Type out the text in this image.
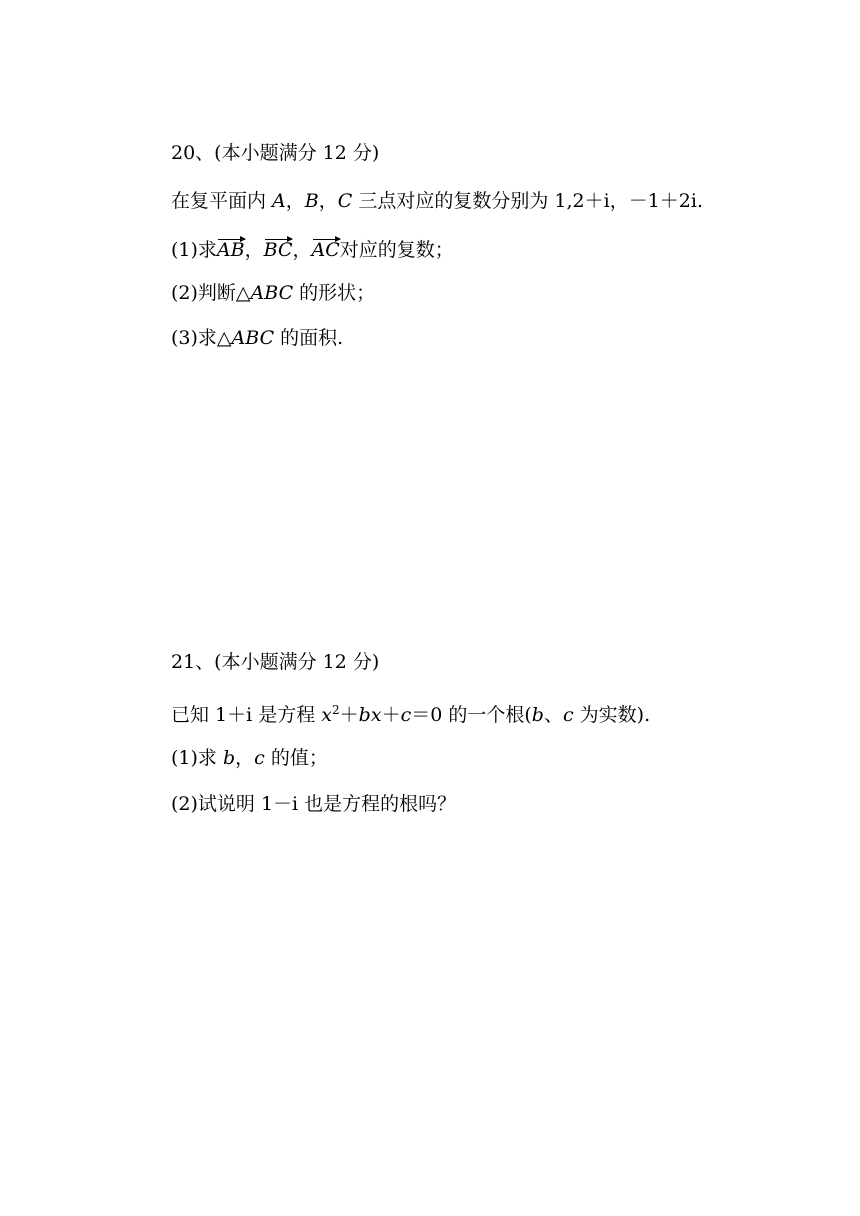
20、(本小题满分 12 分)
在复平面内 A，B，C 三点对应的复数分别为 1,2＋i，－1＋2i.
(1)求AB，BC，AC对应的复数；
(2)判断△ABC 的形状；
(3)求△ABC 的面积.
21、(本小题满分 12 分)
已知 1＋i 是方程 $x^2+bx+c=0$ 的一个根(b、c 为实数).
(1)求 b，c 的值；
(2)试说明 1－i 也是方程的根吗？
